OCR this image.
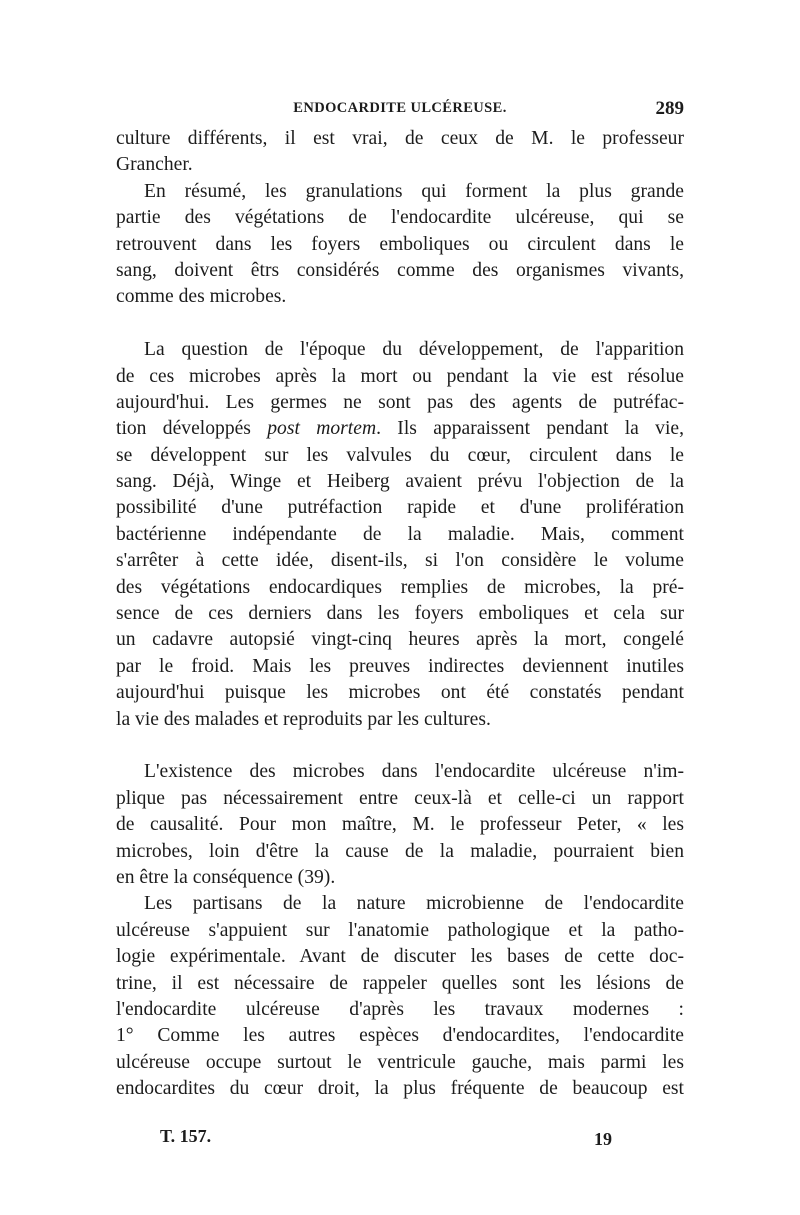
ENDOCARDITE ULCÉREUSE.	289
culture différents, il est vrai, de ceux de M. le professeur
Grancher.
En résumé, les granulations qui forment la plus grande
partie des végétations de l'endocardite ulcéreuse, qui se
retrouvent dans les foyers emboliques ou circulent dans le
sang, doivent êtrs considérés comme des organismes vivants,
comme des microbes.
La question de l'époque du développement, de l'apparition
de ces microbes après la mort ou pendant la vie est résolue
aujourd'hui. Les germes ne sont pas des agents de putréfac-
tion développés post mortem. Ils apparaissent pendant la vie,
se développent sur les valvules du cœur, circulent dans le
sang. Déjà, Winge et Heiberg avaient prévu l'objection de la
possibilité d'une putréfaction rapide et d'une prolifération
bactérienne indépendante de la maladie. Mais, comment
s'arrêter à cette idée, disent-ils, si l'on considère le volume
des végétations endocardiques remplies de microbes, la pré-
sence de ces derniers dans les foyers emboliques et cela sur
un cadavre autopsié vingt-cinq heures après la mort, congelé
par le froid. Mais les preuves indirectes deviennent inutiles
aujourd'hui puisque les microbes ont été constatés pendant
la vie des malades et reproduits par les cultures.
L'existence des microbes dans l'endocardite ulcéreuse n'im-
plique pas nécessairement entre ceux-là et celle-ci un rapport
de causalité. Pour mon maître, M. le professeur Peter, « les
microbes, loin d'être la cause de la maladie, pourraient bien
en être la conséquence (39).
Les partisans de la nature microbienne de l'endocardite
ulcéreuse s'appuient sur l'anatomie pathologique et la patho-
logie expérimentale. Avant de discuter les bases de cette doc-
trine, il est nécessaire de rappeler quelles sont les lésions de
l'endocardite ulcéreuse d'après les travaux modernes :
1° Comme les autres espèces d'endocardites, l'endocardite
ulcéreuse occupe surtout le ventricule gauche, mais parmi les
endocardites du cœur droit, la plus fréquente de beaucoup est
T. 157.	19
